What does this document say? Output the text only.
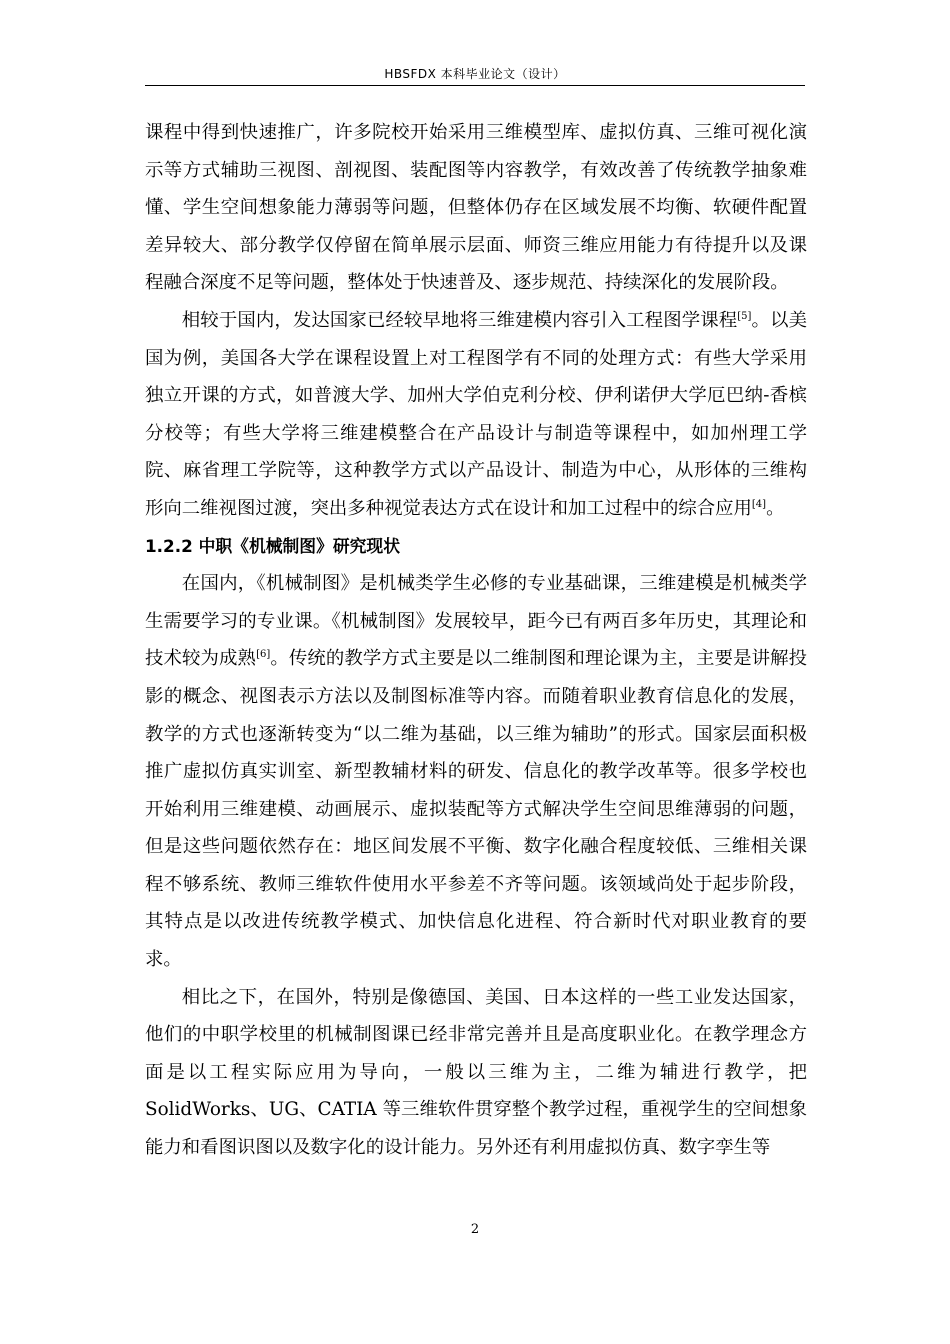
HBSFDX 本科毕业论文（设计）

课程中得到快速推广，许多院校开始采用三维模型库、虚拟仿真、三维可视化演示等方式辅助三视图、剖视图、装配图等内容教学，有效改善了传统教学抽象难懂、学生空间想象能力薄弱等问题，但整体仍存在区域发展不均衡、软硬件配置差异较大、部分教学仅停留在简单展示层面、师资三维应用能力有待提升以及课程融合深度不足等问题，整体处于快速普及、逐步规范、持续深化的发展阶段。

相较于国内，发达国家已经较早地将三维建模内容引入工程图学课程[5]。以美国为例，美国各大学在课程设置上对工程图学有不同的处理方式：有些大学采用独立开课的方式，如普渡大学、加州大学伯克利分校、伊利诺伊大学厄巴纳-香槟分校等；有些大学将三维建模整合在产品设计与制造等课程中，如加州理工学院、麻省理工学院等，这种教学方式以产品设计、制造为中心，从形体的三维构形向二维视图过渡，突出多种视觉表达方式在设计和加工过程中的综合应用[4]。

1.2.2 中职《机械制图》研究现状

在国内，《机械制图》是机械类学生必修的专业基础课，三维建模是机械类学生需要学习的专业课。《机械制图》发展较早，距今已有两百多年历史，其理论和技术较为成熟[6]。传统的教学方式主要是以二维制图和理论课为主，主要是讲解投影的概念、视图表示方法以及制图标准等内容。而随着职业教育信息化的发展，教学的方式也逐渐转变为“以二维为基础，以三维为辅助”的形式。国家层面积极推广虚拟仿真实训室、新型教辅材料的研发、信息化的教学改革等。很多学校也开始利用三维建模、动画展示、虚拟装配等方式解决学生空间思维薄弱的问题，但是这些问题依然存在：地区间发展不平衡、数字化融合程度较低、三维相关课程不够系统、教师三维软件使用水平参差不齐等问题。该领域尚处于起步阶段，其特点是以改进传统教学模式、加快信息化进程、符合新时代对职业教育的要求。

相比之下，在国外，特别是像德国、美国、日本这样的一些工业发达国家，他们的中职学校里的机械制图课已经非常完善并且是高度职业化。在教学理念方面是以工程实际应用为导向，一般以三维为主，二维为辅进行教学，把SolidWorks、UG、CATIA 等三维软件贯穿整个教学过程，重视学生的空间想象能力和看图识图以及数字化的设计能力。另外还有利用虚拟仿真、数字孪生等

2
